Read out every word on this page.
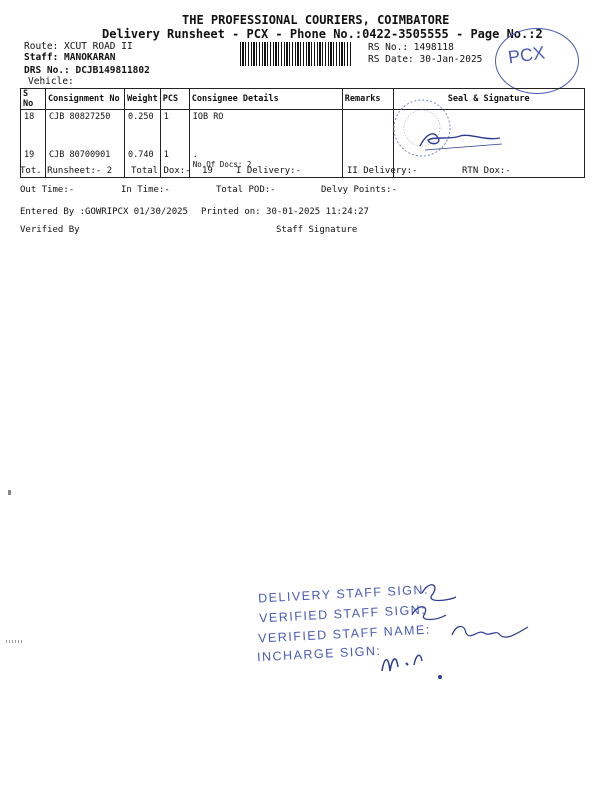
THE PROFESSIONAL COURIERS, COIMBATORE
Delivery Runsheet - PCX - Phone No.:0422-3505555 - Page No.:2
Route: XCUT ROAD II
Staff: MANOKARAN
DRS No.: DCJB149811802
Vehicle:
RS No.: 1498118
RS Date: 30-Jan-2025 PCX
S No	Consignment No	Weight	PCS	Consignee Details	Remarks	Seal & Signature
18	CJB 80827250	0.250	1	IOB RO		
19	CJB 80700901	0.740	1	.
No.Of Docs: 2		

Tot. Runsheet:- 2 Total Dox:- 19	I Delivery:-	II Delivery:-	RTN Dox:-
Out Time:-	In Time:-	Total POD:-	Delvy Points:-
Entered By :GOWRIPCX 01/30/2025 Printed on: 30-01-2025 11:24:27
Verified By	Staff Signature
DELIVERY STAFF SIGN:
VERIFIED STAFF SIGN:
VERIFIED STAFF NAME:
INCHARGE SIGN:
